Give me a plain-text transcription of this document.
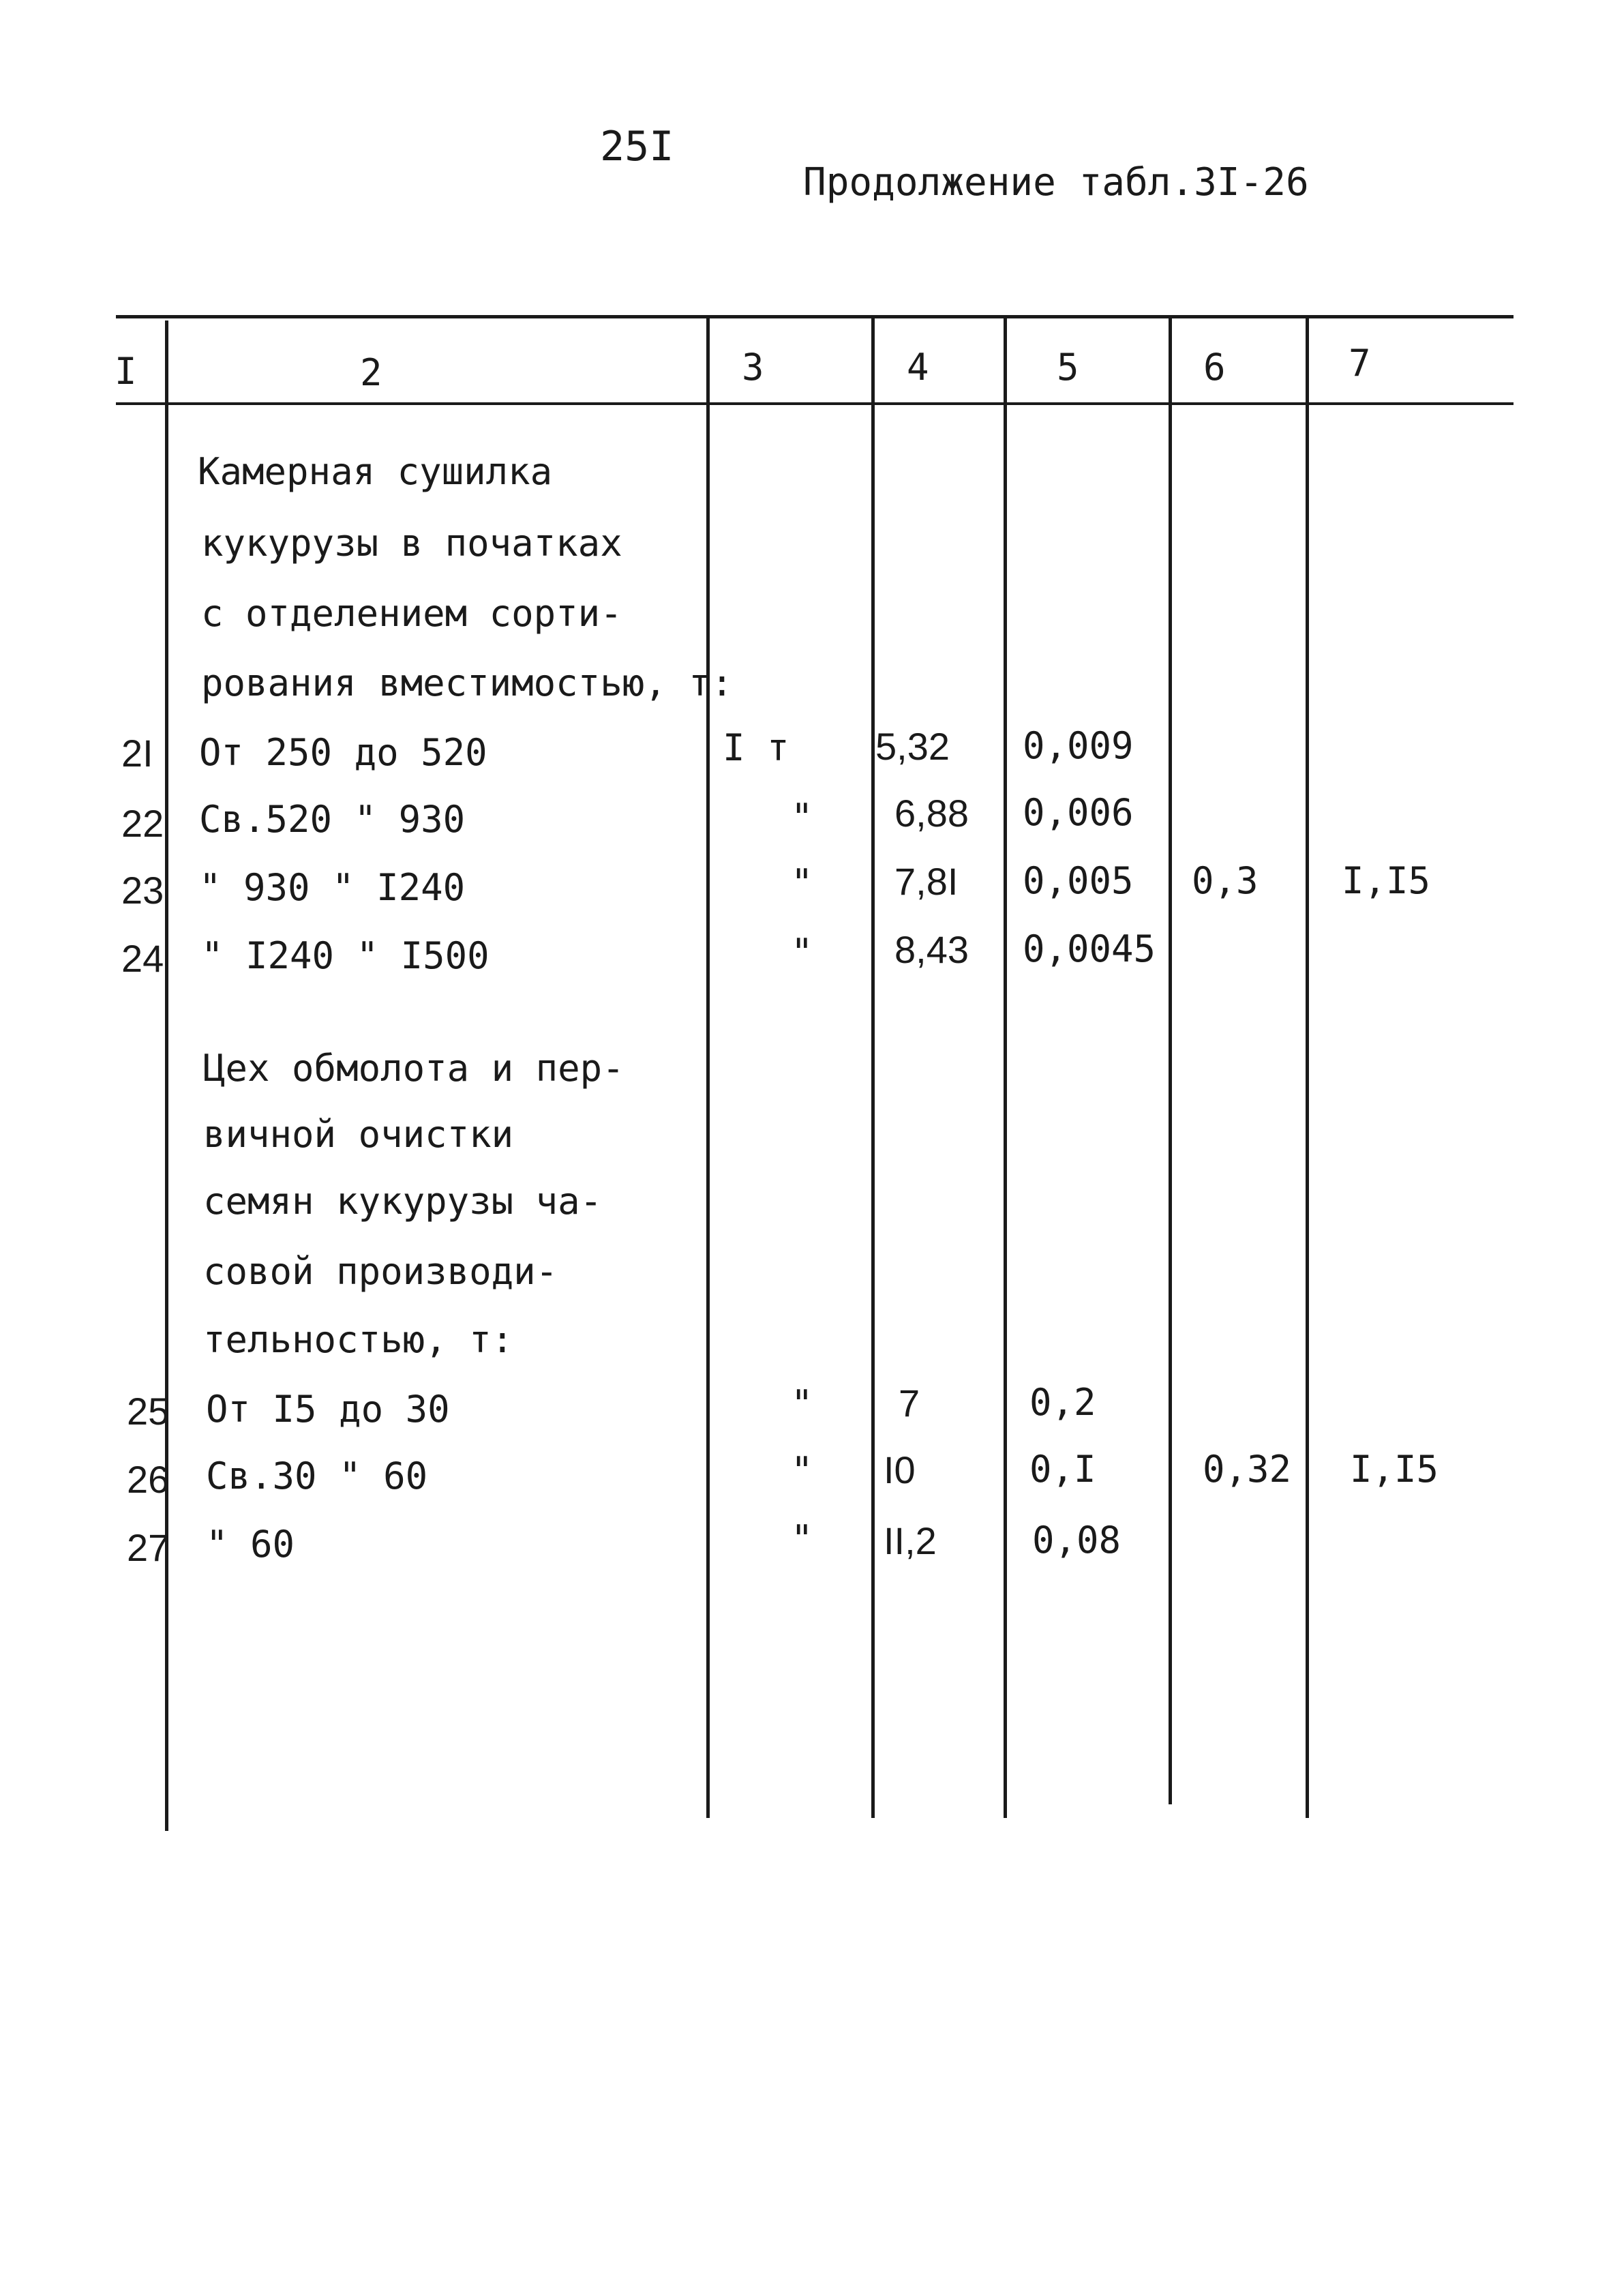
25I
Продолжение табл.3I-26
I	2	3	4	5	6	7
Камерная сушилка
кукурузы в початках
с отделением сорти-
рования вместимостью, т:
2I От 250 до 520	I т 5,32 0,009
22 Св.520 " 930	" 6,88 0,006
23 " 930 " I240	" 7,8I 0,005 0,3 I,I5
24 " I240 " I500	" 8,43 0,0045
Цех обмолота и пер-
вичной очистки
семян кукурузы ча-
совой производи-
тельностью, т:
25 От I5 до 30	" 7	0,2
26 Св.30 " 60	" I0	0,I	0,32 I,I5
27 " 60	" II,2	0,08
